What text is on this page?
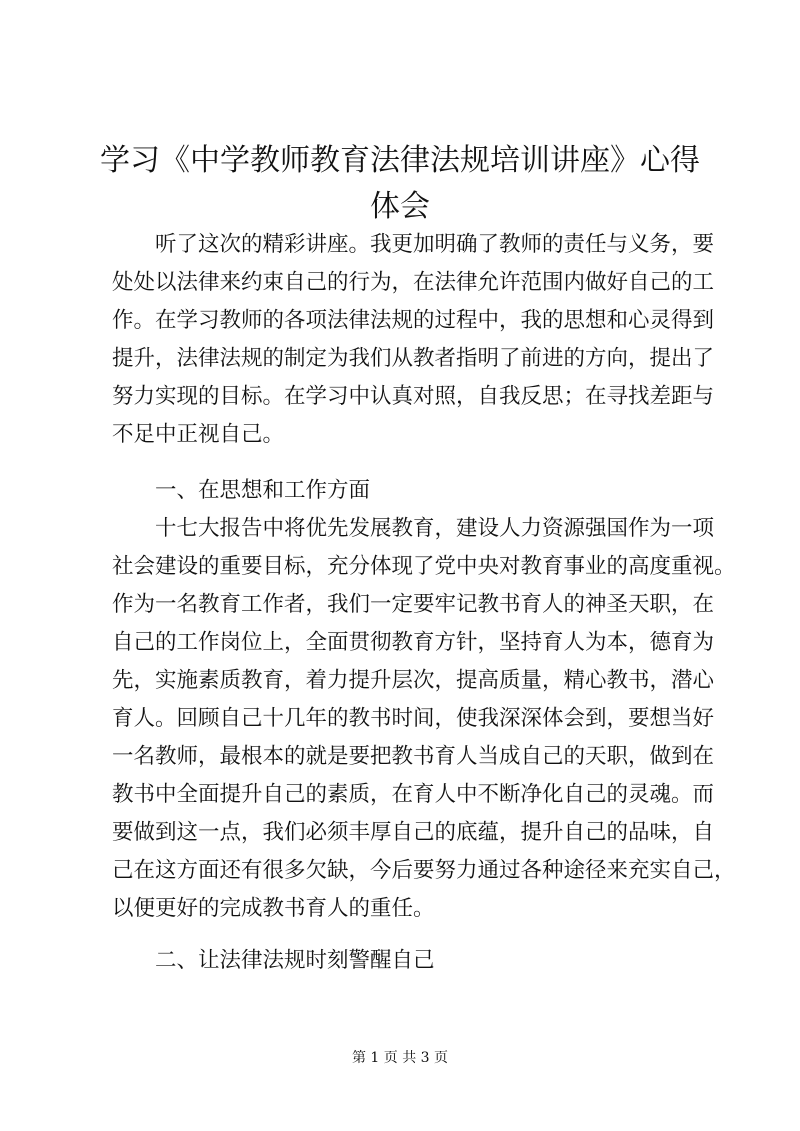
学习《中学教师教育法律法规培训讲座》心得
体会

听了这次的精彩讲座。我更加明确了教师的责任与义务，要

处处以法律来约束自己的行为，在法律允许范围内做好自己的工

作。在学习教师的各项法律法规的过程中，我的思想和心灵得到

提升，法律法规的制定为我们从教者指明了前进的方向，提出了

努力实现的目标。在学习中认真对照，自我反思；在寻找差距与

不足中正视自己。

一、在思想和工作方面

十七大报告中将优先发展教育，建设人力资源强国作为一项

社会建设的重要目标，充分体现了党中央对教育事业的高度重视。

作为一名教育工作者，我们一定要牢记教书育人的神圣天职，在

自己的工作岗位上，全面贯彻教育方针，坚持育人为本，德育为

先，实施素质教育，着力提升层次，提高质量，精心教书，潜心

育人。回顾自己十几年的教书时间，使我深深体会到，要想当好

一名教师，最根本的就是要把教书育人当成自己的天职，做到在

教书中全面提升自己的素质，在育人中不断净化自己的灵魂。而

要做到这一点，我们必须丰厚自己的底蕴，提升自己的品味，自

己在这方面还有很多欠缺，今后要努力通过各种途径来充实自己，

以便更好的完成教书育人的重任。

二、让法律法规时刻警醒自己

第 1 页 共 3 页
